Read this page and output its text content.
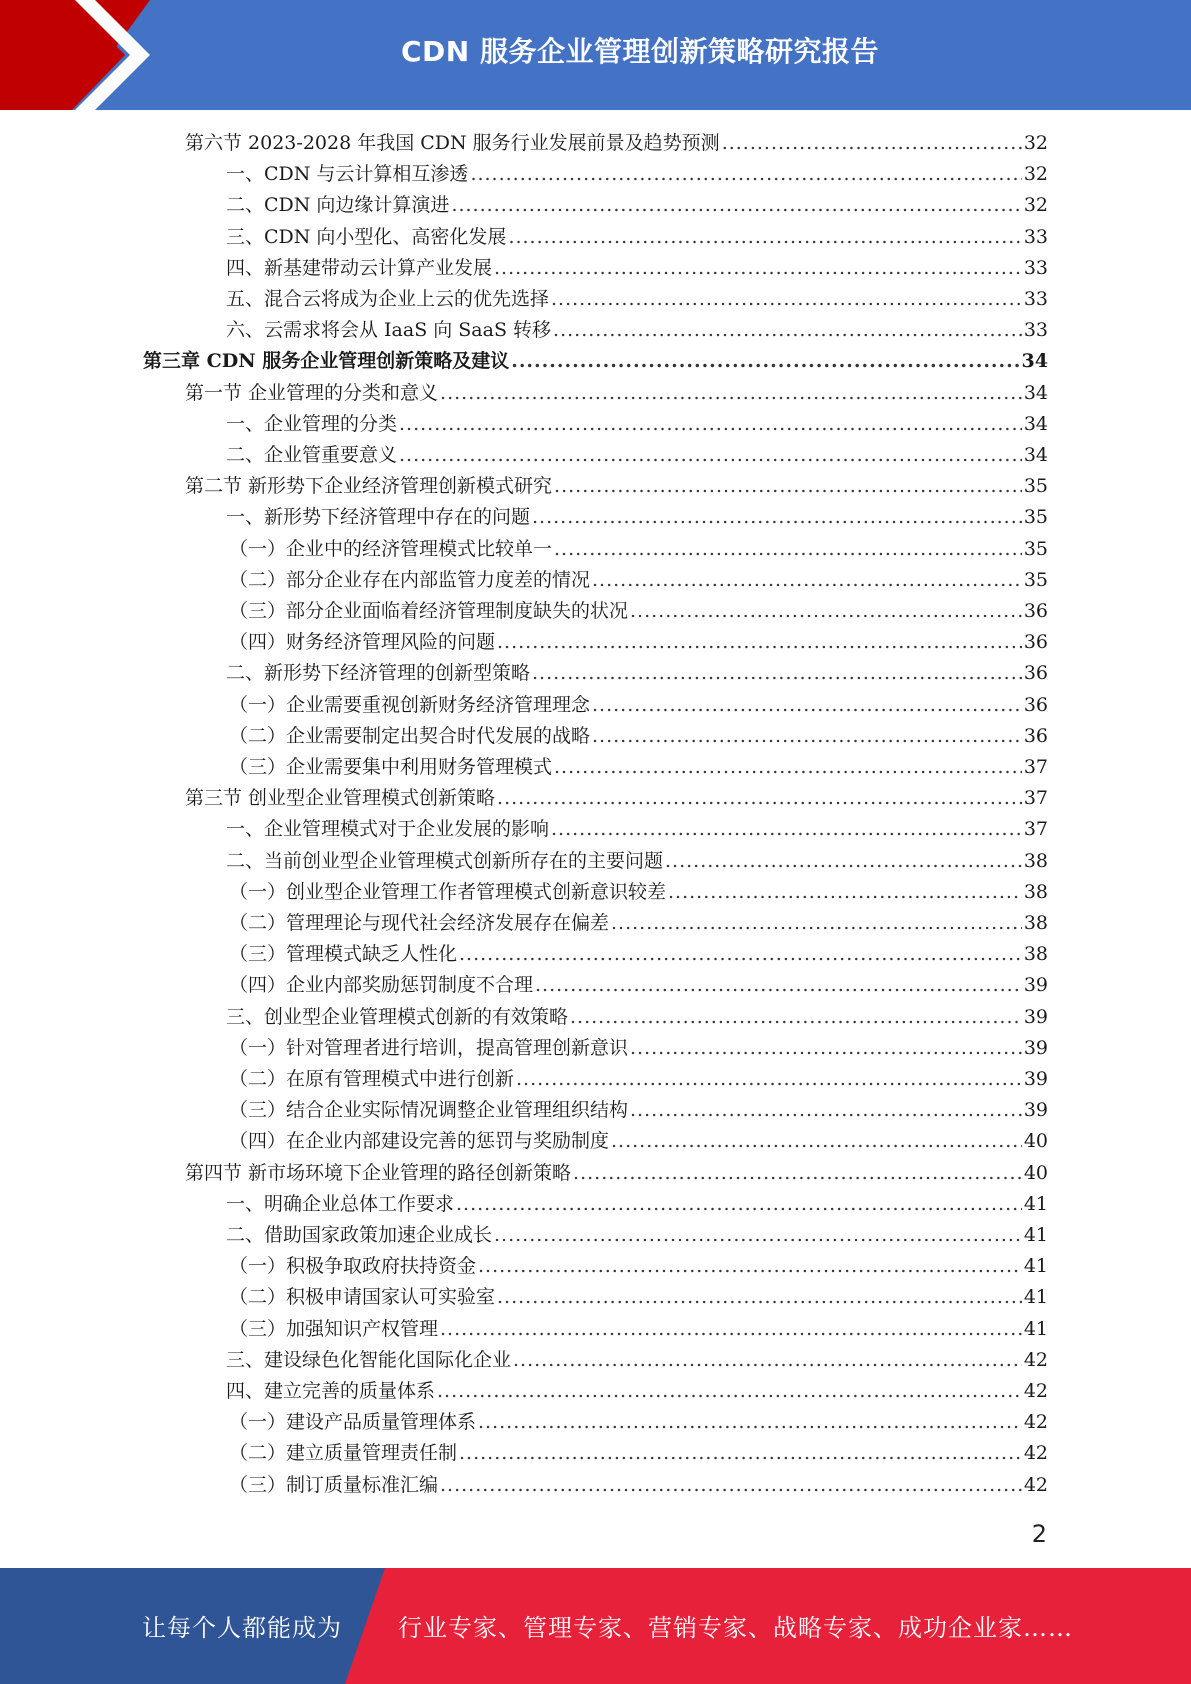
CDN 服务企业管理创新策略研究报告
第六节 2023-2028 年我国 CDN 服务行业发展前景及趋势预测 .....	32
一、CDN 与云计算相互渗透 .....	32
二、CDN 向边缘计算演进 .....	32
三、CDN 向小型化、高密化发展 .....	33
四、新基建带动云计算产业发展 .....	33
五、混合云将成为企业上云的优先选择 .....	33
六、云需求将会从 IaaS 向 SaaS 转移 .....	33
第三章 CDN 服务企业管理创新策略及建议 .....	34
第一节 企业管理的分类和意义 .....	34
一、企业管理的分类 .....	34
二、企业管重要意义 .....	34
第二节 新形势下企业经济管理创新模式研究 .....	35
一、新形势下经济管理中存在的问题 .....	35
（一）企业中的经济管理模式比较单一 .....	35
（二）部分企业存在内部监管力度差的情况 .....	35
（三）部分企业面临着经济管理制度缺失的状况 .....	36
（四）财务经济管理风险的问题 .....	36
二、新形势下经济管理的创新型策略 .....	36
（一）企业需要重视创新财务经济管理理念 .....	36
（二）企业需要制定出契合时代发展的战略 .....	36
（三）企业需要集中利用财务管理模式 .....	37
第三节 创业型企业管理模式创新策略 .....	37
一、企业管理模式对于企业发展的影响 .....	37
二、当前创业型企业管理模式创新所存在的主要问题 .....	38
（一）创业型企业管理工作者管理模式创新意识较差 .....	38
（二）管理理论与现代社会经济发展存在偏差 .....	38
（三）管理模式缺乏人性化 .....	38
（四）企业内部奖励惩罚制度不合理 .....	39
三、创业型企业管理模式创新的有效策略 .....	39
（一）针对管理者进行培训，提高管理创新意识 .....	39
（二）在原有管理模式中进行创新 .....	39
（三）结合企业实际情况调整企业管理组织结构 .....	39
（四）在企业内部建设完善的惩罚与奖励制度 .....	40
第四节 新市场环境下企业管理的路径创新策略 .....	40
一、明确企业总体工作要求 .....	41
二、借助国家政策加速企业成长 .....	41
（一）积极争取政府扶持资金 .....	41
（二）积极申请国家认可实验室 .....	41
（三）加强知识产权管理 .....	41
三、建设绿色化智能化国际化企业 .....	42
四、建立完善的质量体系 .....	42
（一）建设产品质量管理体系 .....	42
（二）建立质量管理责任制 .....	42
（三）制订质量标准汇编 .....	42
2
让每个人都能成为 行业专家、管理专家、营销专家、战略专家、成功企业家……
